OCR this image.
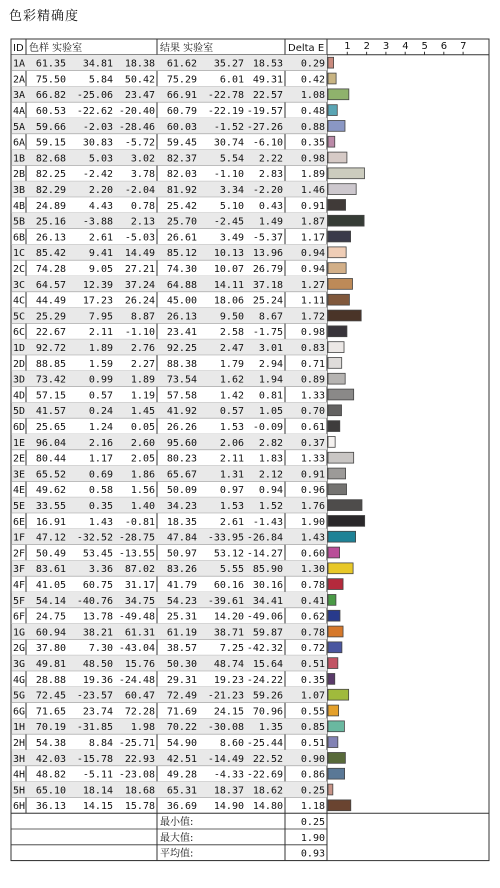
色彩精确度
ID 色样 实验室	结果 实验室	Delta E 1 2 3 4 5 6 7
1A 61.35 34.81 18.38 61.62 35.27 18.53 0.29
2A 75.50 5.84 50.42 75.29 6.01 49.31 0.42
3A 66.82 -25.06 23.47 66.91 -22.78 22.57 1.08
4A 60.53 -22.62 -20.40 60.79 -22.19 -19.57 0.48
5A 59.66 -2.03 -28.46 60.03 -1.52 -27.26 0.88
6A 59.15 30.83 -5.72 59.45 30.74 -6.10 0.35
1B 82.68 5.03 3.02 82.37 5.54 2.22 0.98
2B 82.25 -2.42 3.78 82.03 -1.10 2.83 1.89
3B 82.29 2.20 -2.04 81.92 3.34 -2.20 1.46
4B 24.89 4.43 0.78 25.42 5.10 0.43 0.91
5B 25.16 -3.88 2.13 25.70 -2.45 1.49 1.87
6B 26.13 2.61 -5.03 26.61 3.49 -5.37 1.17
1C 85.42 9.41 14.49 85.12 10.13 13.96 0.94
2C 74.28 9.05 27.21 74.30 10.07 26.79 0.94
3C 64.57 12.39 37.24 64.88 14.11 37.18 1.27
4C 44.49 17.23 26.24 45.00 18.06 25.24 1.11
5C 25.29 7.95 8.87 26.13 9.50 8.67 1.72
6C 22.67 2.11 -1.10 23.41 2.58 -1.75 0.98
1D 92.72 1.89 2.76 92.25 2.47 3.01 0.83
2D 88.85 1.59 2.27 88.38 1.79 2.94 0.71
3D 73.42 0.99 1.89 73.54 1.62 1.94 0.89
4D 57.15 0.57 1.19 57.58 1.42 0.81 1.33
5D 41.57 0.24 1.45 41.92 0.57 1.05 0.70
6D 25.65 1.24 0.05 26.26 1.53 -0.09 0.61
1E 96.04 2.16 2.60 95.60 2.06 2.82 0.37
2E 80.44 1.17 2.05 80.23 2.11 1.83 1.33
3E 65.52 0.69 1.86 65.67 1.31 2.12 0.91
4E 49.62 0.58 1.56 50.09 0.97 0.94 0.96
5E 33.55 0.35 1.40 34.23 1.53 1.52 1.76
6E 16.91 1.43 -0.81 18.35 2.61 -1.43 1.90
1F 47.12 -32.52 -28.75 47.84 -33.95 -26.84 1.43
2F 50.49 53.45 -13.55 50.97 53.12 -14.27 0.60
3F 83.61 3.36 87.02 83.26 5.55 85.90 1.30
4F 41.05 60.75 31.17 41.79 60.16 30.16 0.78
5F 54.14 -40.76 34.75 54.23 -39.61 34.41 0.41
6F 24.75 13.78 -49.48 25.31 14.20 -49.06 0.62
1G 60.94 38.21 61.31 61.19 38.71 59.87 0.78
2G 37.80 7.30 -43.04 38.57 7.25 -42.32 0.72
3G 49.81 48.50 15.76 50.30 48.74 15.64 0.51
4G 28.88 19.36 -24.48 29.31 19.23 -24.22 0.35
5G 72.45 -23.57 60.47 72.49 -21.23 59.26 1.07
6G 71.65 23.74 72.28 71.69 24.15 70.96 0.55
1H 70.19 -31.85 1.98 70.22 -30.08 1.35 0.85
2H 54.38 8.84 -25.71 54.90 8.60 -25.44 0.51
3H 42.03 -15.78 22.93 42.51 -14.49 22.52 0.90
4H 48.82 -5.11 -23.08 49.28 -4.33 -22.69 0.86
5H 65.10 18.14 18.68 65.31 18.37 18.62 0.25
6H 36.13 14.15 15.78 36.69 14.90 14.80 1.18
最小值:	0.25
最大值:	1.90
平均值:	0.93
